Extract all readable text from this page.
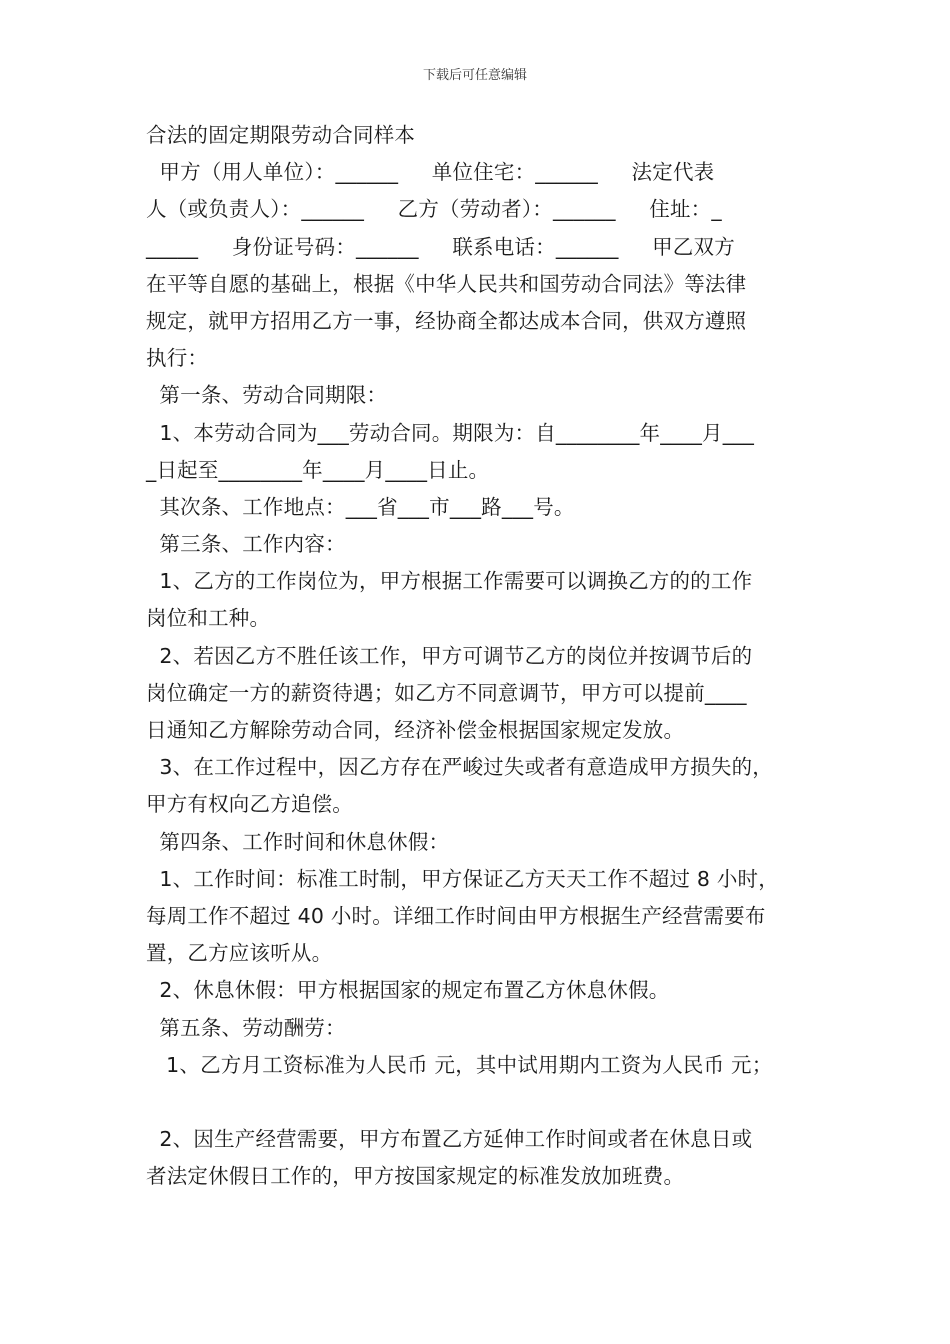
下载后可任意编辑
合法的固定期限劳动合同样本
甲方（用人单位）：______     单位住宅：______     法定代表
人（或负责人）：______     乙方（劳动者）：______     住址：_
_____     身份证号码：______     联系电话：______     甲乙双方
在平等自愿的基础上，根据《中华人民共和国劳动合同法》等法律
规定，就甲方招用乙方一事，经协商全都达成本合同，供双方遵照
执行：
第一条、劳动合同期限：
1、本劳动合同为___劳动合同。期限为：自________年____月___
_日起至________年____月____日止。
其次条、工作地点：___省___市___路___号。
第三条、工作内容：
1、乙方的工作岗位为，甲方根据工作需要可以调换乙方的的工作
岗位和工种。
2、若因乙方不胜任该工作，甲方可调节乙方的岗位并按调节后的
岗位确定一方的薪资待遇；如乙方不同意调节，甲方可以提前____
日通知乙方解除劳动合同，经济补偿金根据国家规定发放。
3、在工作过程中，因乙方存在严峻过失或者有意造成甲方损失的，
甲方有权向乙方追偿。
第四条、工作时间和休息休假：
1、工作时间：标准工时制，甲方保证乙方天天工作不超过 8 小时，
每周工作不超过 40 小时。详细工作时间由甲方根据生产经营需要布
置，乙方应该听从。
2、休息休假：甲方根据国家的规定布置乙方休息休假。
第五条、劳动酬劳：
1、乙方月工资标准为人民币 元，其中试用期内工资为人民币 元；
2、因生产经营需要，甲方布置乙方延伸工作时间或者在休息日或
者法定休假日工作的，甲方按国家规定的标准发放加班费。
